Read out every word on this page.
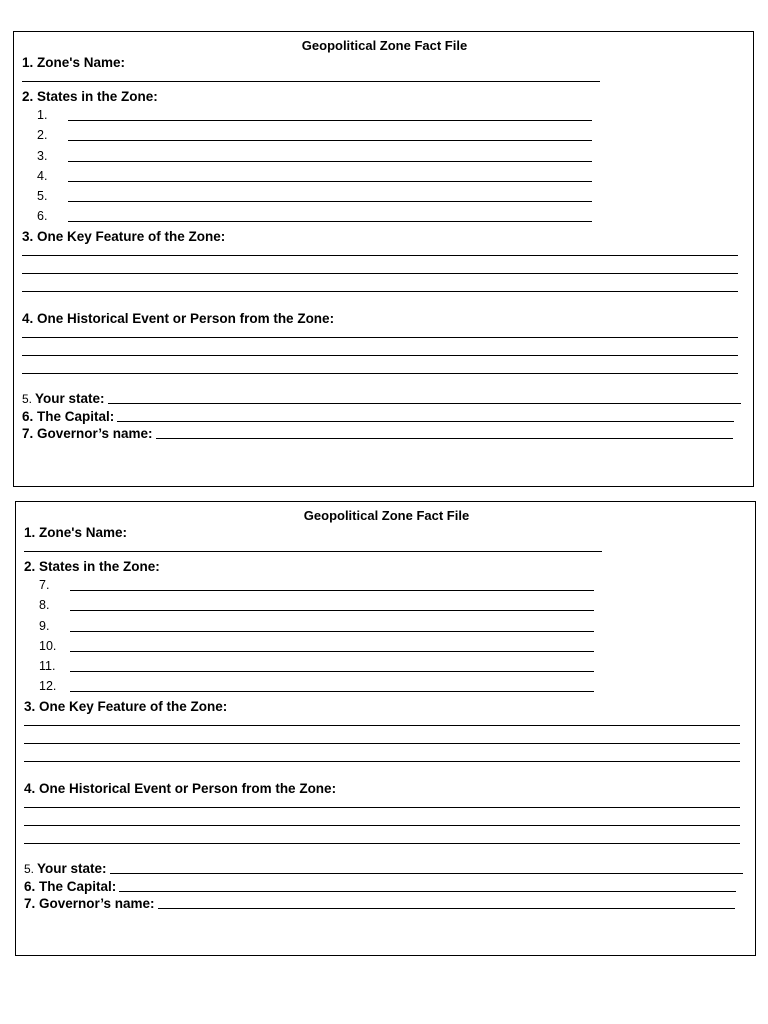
Geopolitical Zone Fact File
1. Zone's Name:
2. States in the Zone:
1.
2.
3.
4.
5.
6.
3. One Key Feature of the Zone:
4. One Historical Event or Person from the Zone:
5. Your state:
6. The Capital:
7. Governor’s name:
Geopolitical Zone Fact File
1. Zone's Name:
2. States in the Zone:
7.
8.
9.
10.
11.
12.
3. One Key Feature of the Zone:
4. One Historical Event or Person from the Zone:
5. Your state:
6. The Capital:
7. Governor’s name:
